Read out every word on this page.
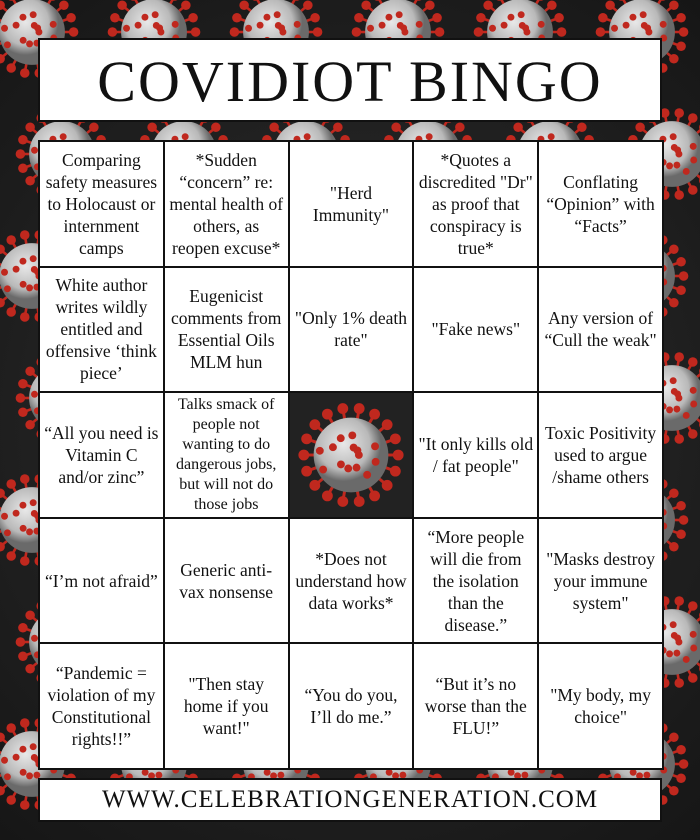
COVIDIOT BINGO
Comparing safety measures to Holocaust or internment camps
*Sudden “concern” re: mental health of others, as reopen excuse*
"Herd Immunity"
*Quotes a discredited "Dr" as proof that conspiracy is true*
Conflating “Opinion” with “Facts”
White author writes wildly entitled and offensive ‘think piece’
Eugenicist comments from Essential Oils MLM hun
"Only 1% death rate"
"Fake news"
Any version of “Cull the weak"
“All you need is Vitamin C and/or zinc”
Talks smack of people not wanting to do dangerous jobs, but will not do those jobs
"It only kills old / fat people"
Toxic Positivity used to argue /shame others
“I’m not afraid”
Generic anti-vax nonsense
*Does not understand how data works*
“More people will die from the isolation than the disease.”
"Masks destroy your immune system"
“Pandemic = violation of my Constitutional rights!!”
"Then stay home if you want!"
“You do you, I’ll do me.”
“But it’s no worse than the FLU!”
"My body, my choice"
WWW.CELEBRATIONGENERATION.COM
